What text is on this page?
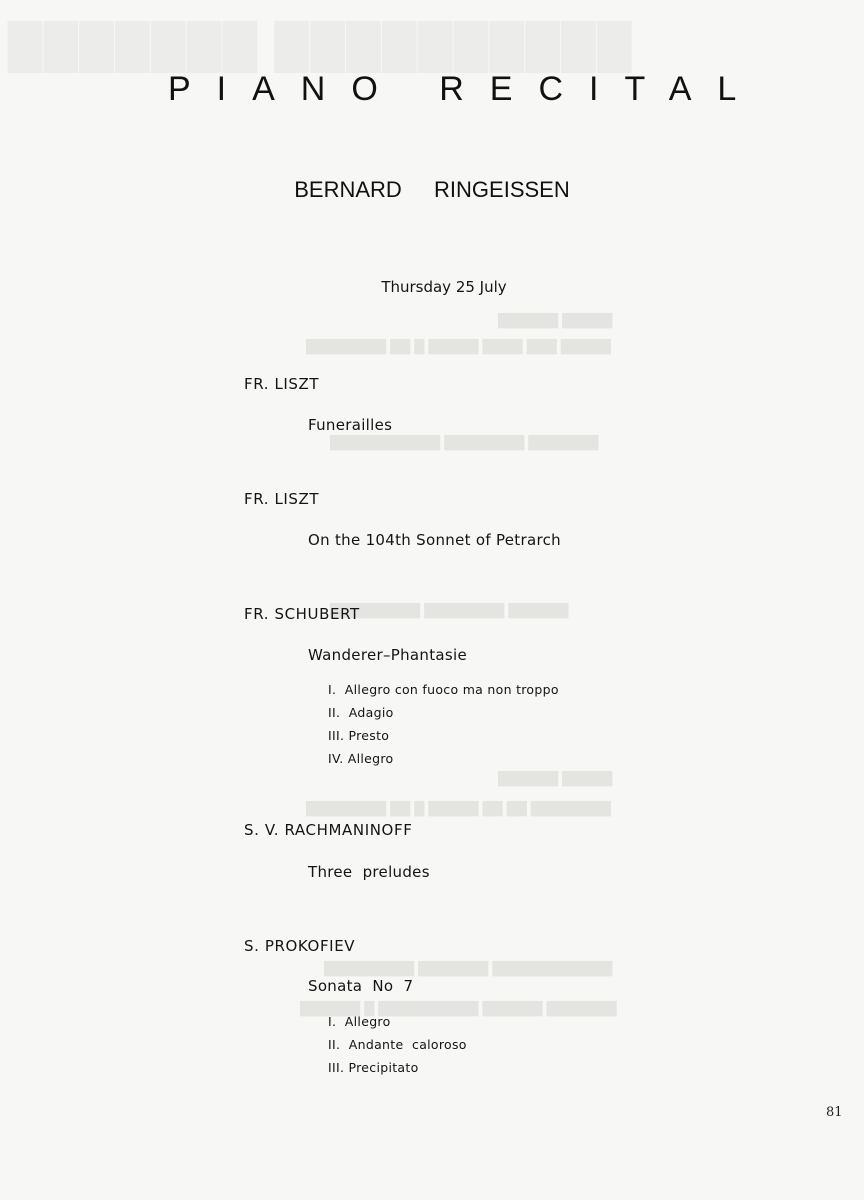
███████ ██████████
██████ █████
████████ ██ █ █████ ████ ███ █████
███████████ ████████ ███████
█████████ ████████ ██████
██████ █████
████████ ██ █ █████ ██ ██ ████████
█████████ ███████ ████████████
██████ █ ██████████ ██████ ███████
PIANO RECITAL
BERNARD  RINGEISSEN
Thursday 25 July
FR. LISZT
Funerailles
FR. LISZT
On the 104th Sonnet of Petrarch
FR. SCHUBERT
Wanderer–Phantasie
I.  Allegro con fuoco ma non troppo
II.  Adagio
III. Presto
IV. Allegro
S. V. RACHMANINOFF
Three  preludes
S. PROKOFIEV
Sonata  No  7
I.  Allegro
II.  Andante  caloroso
III. Precipitato
81
